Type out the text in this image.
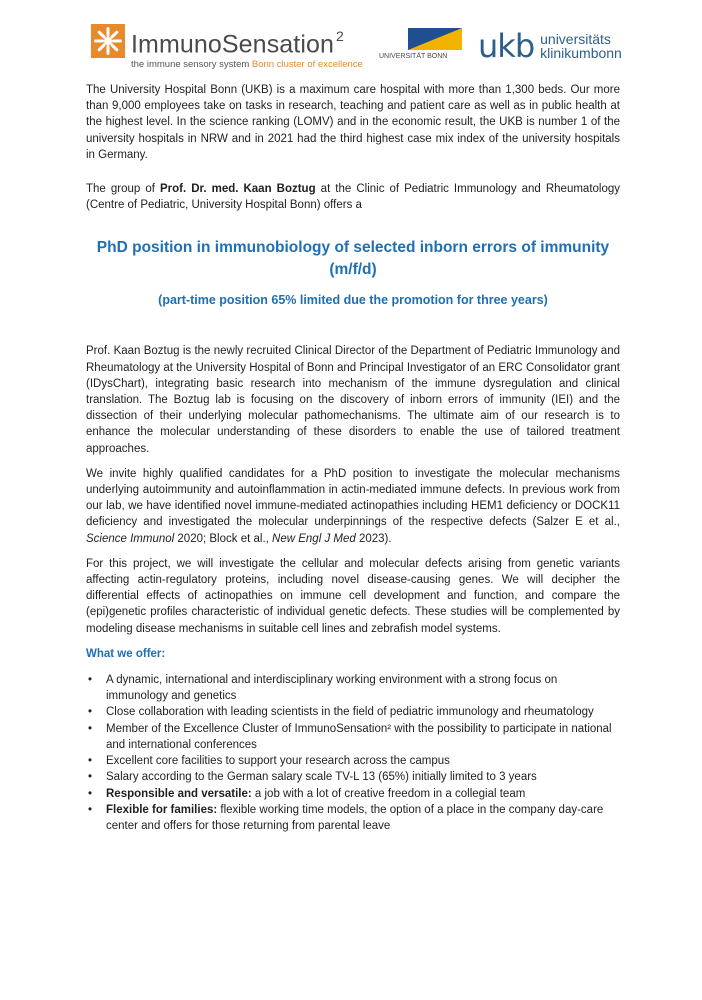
ImmunoSensation $^2$
the immune sensory system Bonn cluster of excellence
UNIVERSITÄT BONN ukb universitäts
klinikumbonn

The University Hospital Bonn (UKB) is a maximum care hospital with more than 1,300 beds. Our more than 9,000 employees take on tasks in research, teaching and patient care as well as in public health at the highest level. In the science ranking (LOMV) and in the economic result, the UKB is number 1 of the university hospitals in NRW and in 2021 had the third highest case mix index of the university hospitals in Germany.

The group of Prof. Dr. med. Kaan Boztug at the Clinic of Pediatric Immunology and Rheumatology (Centre of Pediatric, University Hospital Bonn) offers a

PhD position in immunobiology of selected inborn errors of immunity (m/f/d)
(part-time position 65% limited due the promotion for three years)

Prof. Kaan Boztug is the newly recruited Clinical Director of the Department of Pediatric Immunology and Rheumatology at the University Hospital of Bonn and Principal Investigator of an ERC Consolidator grant (IDysChart), integrating basic research into mechanism of the immune dysregulation and clinical translation. The Boztug lab is focusing on the discovery of inborn errors of immunity (IEI) and the dissection of their underlying molecular pathomechanisms. The ultimate aim of our research is to enhance the molecular understanding of these disorders to enable the use of tailored treatment approaches.

We invite highly qualified candidates for a PhD position to investigate the molecular mechanisms underlying autoimmunity and autoinflammation in actin-mediated immune defects. In previous work from our lab, we have identified novel immune-mediated actinopathies including HEM1 deficiency or DOCK11 deficiency and investigated the molecular underpinnings of the respective defects (Salzer E et al., Science Immunol 2020; Block et al., New Engl J Med 2023).

For this project, we will investigate the cellular and molecular defects arising from genetic variants affecting actin-regulatory proteins, including novel disease-causing genes. We will decipher the differential effects of actinopathies on immune cell development and function, and compare the (epi)genetic profiles characteristic of individual genetic defects. These studies will be complemented by modeling disease mechanisms in suitable cell lines and zebrafish model systems.

What we offer:
• A dynamic, international and interdisciplinary working environment with a strong focus on immunology and genetics
• Close collaboration with leading scientists in the field of pediatric immunology and rheumatology
• Member of the Excellence Cluster of ImmunoSensation² with the possibility to participate in national and international conferences
• Excellent core facilities to support your research across the campus
• Salary according to the German salary scale TV-L 13 (65%) initially limited to 3 years
• Responsible and versatile: a job with a lot of creative freedom in a collegial team
• Flexible for families: flexible working time models, the option of a place in the company day-care center and offers for those returning from parental leave
